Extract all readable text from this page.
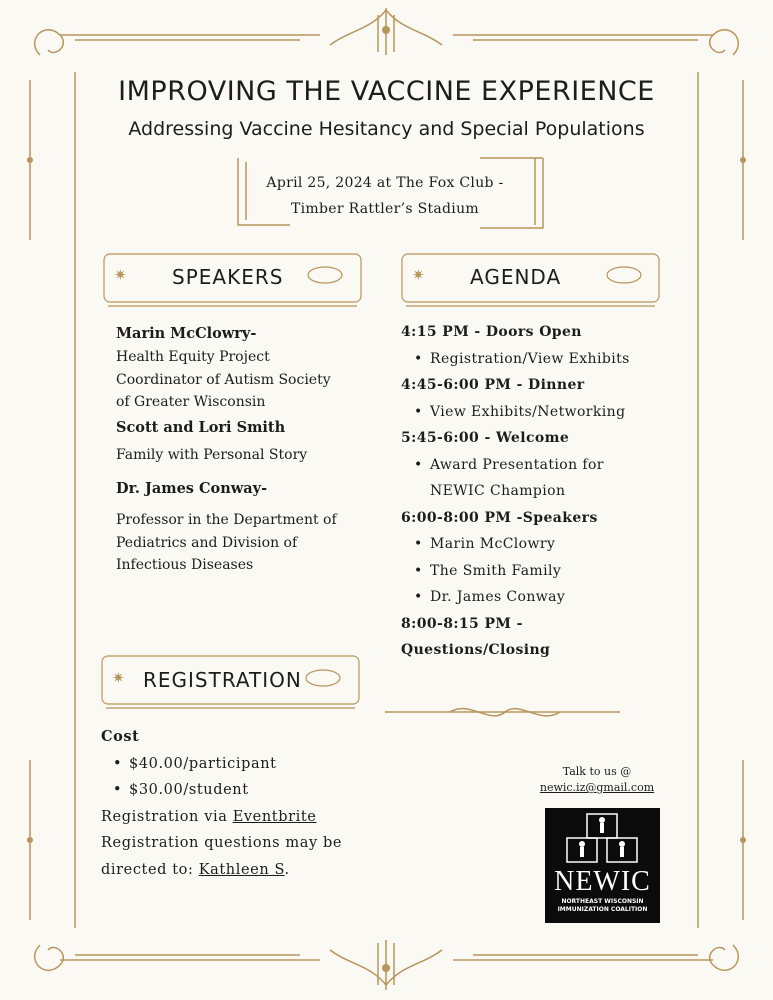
IMPROVING THE VACCINE EXPERIENCE
Addressing Vaccine Hesitancy and Special Populations
April 25, 2024 at The Fox Club -
Timber Rattler’s Stadium
✷ SPEAKERS	✷ AGENDA
Marin McClowry-
Health Equity Project
Coordinator of Autism Society
of Greater Wisconsin
Scott and Lori Smith
Family with Personal Story
Dr. James Conway-
Professor in the Department of
Pediatrics and Division of
Infectious Diseases
4:15 PM - Doors Open
• Registration/View Exhibits
4:45-6:00 PM - Dinner
• View Exhibits/Networking
5:45-6:00 - Welcome
• Award Presentation for
NEWIC Champion
6:00-8:00 PM -Speakers
• Marin McClowry
• The Smith Family
• Dr. James Conway
8:00-8:15 PM -
Questions/Closing
✷ REGISTRATION
Cost
• $40.00/participant
• $30.00/student
Registration via Eventbrite
Registration questions may be
directed to: Kathleen S.
Talk to us @
newic.iz@gmail.com
NEWIC
NORTHEAST WISCONSIN
IMMUNIZATION COALITION
